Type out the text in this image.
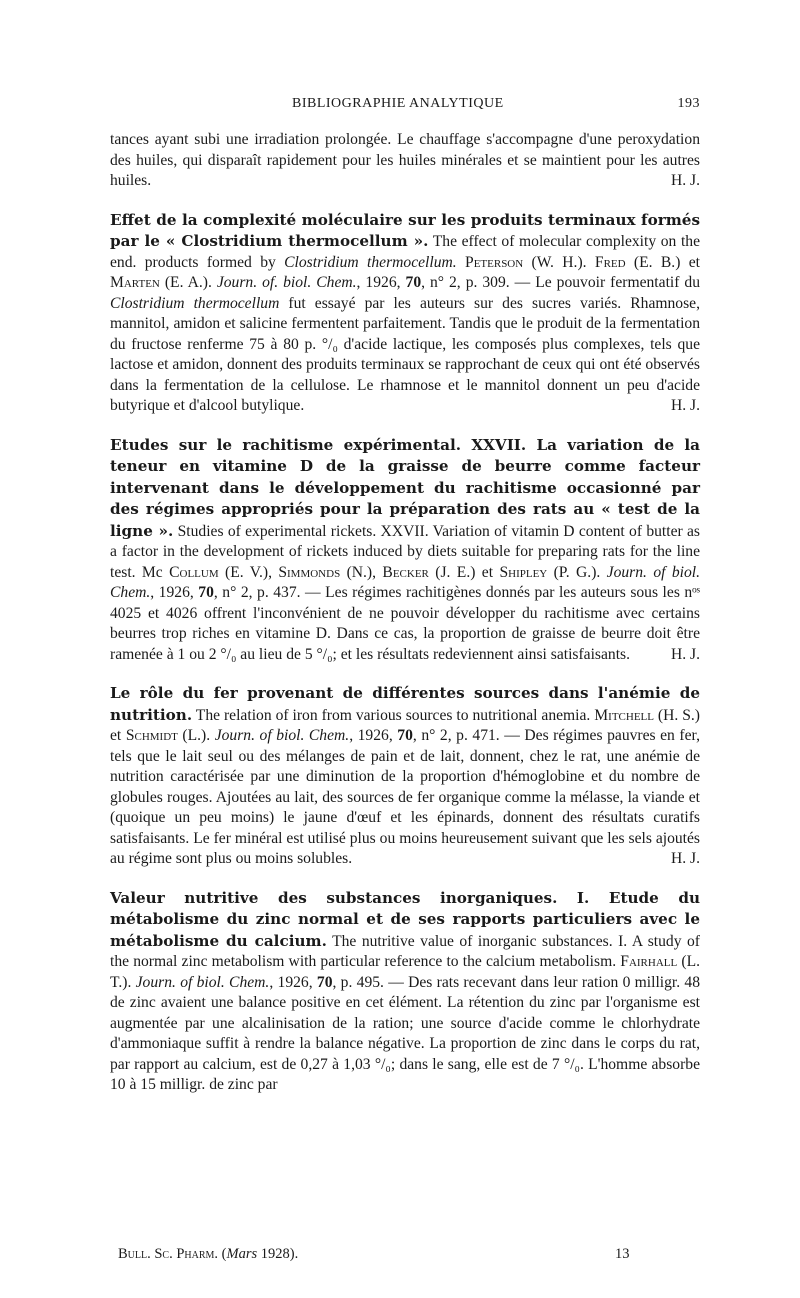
BIBLIOGRAPHIE ANALYTIQUE	193

tances ayant subi une irradiation prolongée. Le chauffage s'accompagne d'une peroxydation des huiles, qui disparaît rapidement pour les huiles minérales et se maintient pour les autres huiles.	H. J.

Effet de la complexité moléculaire sur les produits terminaux formés par le « Clostridium thermocellum ». The effect of molecular complexity on the end. products formed by Clostridium thermocellum. Peterson (W. H.). Fred (E. B.) et Marten (E. A.). Journ. of. biol. Chem., 1926, 70, n° 2, p. 309. — Le pouvoir fermentatif du Clostridium thermocellum fut essayé par les auteurs sur des sucres variés. Rhamnose, mannitol, amidon et salicine fermentent parfaitement. Tandis que le produit de la fermentation du fructose renferme 75 à 80 p. °/₀ d'acide lactique, les composés plus complexes, tels que lactose et amidon, donnent des produits terminaux se rapprochant de ceux qui ont été observés dans la fermentation de la cellulose. Le rhamnose et le mannitol donnent un peu d'acide butyrique et d'alcool butylique.	H. J.

Etudes sur le rachitisme expérimental. XXVII. La variation de la teneur en vitamine D de la graisse de beurre comme facteur intervenant dans le développement du rachitisme occasionné par des régimes appropriés pour la préparation des rats au « test de la ligne ». Studies of experimental rickets. XXVII. Variation of vitamin D content of butter as a factor in the development of rickets induced by diets suitable for preparing rats for the line test. Mc Collum (E. V.), Simmonds (N.), Becker (J. E.) et Shipley (P. G.). Journ. of biol. Chem., 1926, 70, n° 2, p. 437. — Les régimes rachitigènes donnés par les auteurs sous les nᵒˢ 4025 et 4026 offrent l'inconvénient de ne pouvoir développer du rachitisme avec certains beurres trop riches en vitamine D. Dans ce cas, la proportion de graisse de beurre doit être ramenée à 1 ou 2 °/₀ au lieu de 5 °/₀; et les résultats redeviennent ainsi satisfaisants.	H. J.

Le rôle du fer provenant de différentes sources dans l'anémie de nutrition. The relation of iron from various sources to nutritional anemia. Mitchell (H. S.) et Schmidt (L.). Journ. of biol. Chem., 1926, 70, n° 2, p. 471. — Des régimes pauvres en fer, tels que le lait seul ou des mélanges de pain et de lait, donnent, chez le rat, une anémie de nutrition caractérisée par une diminution de la proportion d'hémoglobine et du nombre de globules rouges. Ajoutées au lait, des sources de fer organique comme la mélasse, la viande et (quoique un peu moins) le jaune d'œuf et les épinards, donnent des résultats curatifs satisfaisants. Le fer minéral est utilisé plus ou moins heureusement suivant que les sels ajoutés au régime sont plus ou moins solubles.	H. J.

Valeur nutritive des substances inorganiques. I. Etude du métabolisme du zinc normal et de ses rapports particuliers avec le métabolisme du calcium. The nutritive value of inorganic substances. I. A study of the normal zinc metabolism with particular reference to the calcium metabolism. Fairhall (L. T.). Journ. of biol. Chem., 1926, 70, p. 495. — Des rats recevant dans leur ration 0 milligr. 48 de zinc avaient une balance positive en cet élément. La rétention du zinc par l'organisme est augmentée par une alcalinisation de la ration; une source d'acide comme le chlorhydrate d'ammoniaque suffit à rendre la balance négative. La proportion de zinc dans le corps du rat, par rapport au calcium, est de 0,27 à 1,03 °/₀; dans le sang, elle est de 7 °/₀. L'homme absorbe 10 à 15 milligr. de zinc par

Bull. Sc. Pharm. (Mars 1928).	13
